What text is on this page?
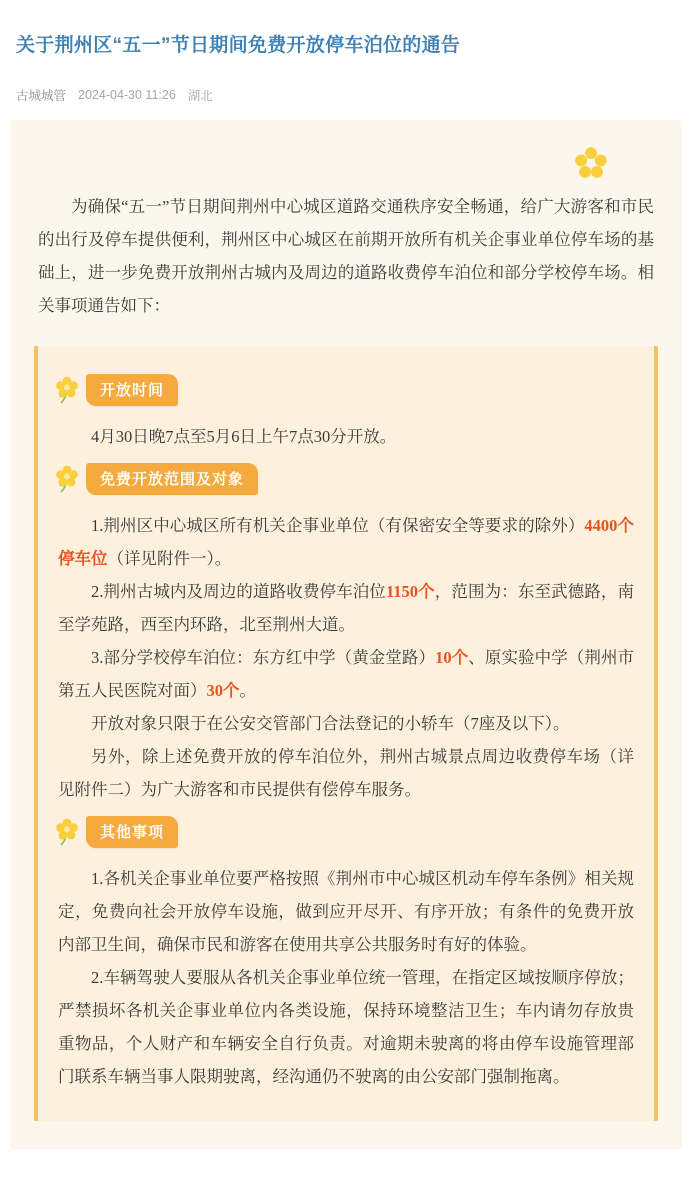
关于荆州区“五一”节日期间免费开放停车泊位的通告
古城城管 2024-04-30 11:26 湖北

为确保“五一”节日期间荆州中心城区道路交通秩序安全畅通，给广大游客和市民的出行及停车提供便利，荆州区中心城区在前期开放所有机关企事业单位停车场的基础上，进一步免费开放荆州古城内及周边的道路收费停车泊位和部分学校停车场。相关事项通告如下：

开放时间

4月30日晚7点至5月6日上午7点30分开放。

免费开放范围及对象

1.荆州区中心城区所有机关企事业单位（有保密安全等要求的除外）4400个停车位（详见附件一）。

2.荆州古城内及周边的道路收费停车泊位1150个，范围为：东至武德路，南至学苑路，西至内环路，北至荆州大道。

3.部分学校停车泊位：东方红中学（黄金堂路）10个、原实验中学（荆州市第五人民医院对面）30个。

开放对象只限于在公安交管部门合法登记的小轿车（7座及以下）。

另外，除上述免费开放的停车泊位外，荆州古城景点周边收费停车场（详见附件二）为广大游客和市民提供有偿停车服务。

其他事项

1.各机关企事业单位要严格按照《荆州市中心城区机动车停车条例》相关规定，免费向社会开放停车设施，做到应开尽开、有序开放；有条件的免费开放内部卫生间，确保市民和游客在使用共享公共服务时有好的体验。

2.车辆驾驶人要服从各机关企事业单位统一管理，在指定区域按顺序停放；严禁损坏各机关企事业单位内各类设施，保持环境整洁卫生；车内请勿存放贵重物品，个人财产和车辆安全自行负责。对逾期未驶离的将由停车设施管理部门联系车辆当事人限期驶离，经沟通仍不驶离的由公安部门强制拖离。
